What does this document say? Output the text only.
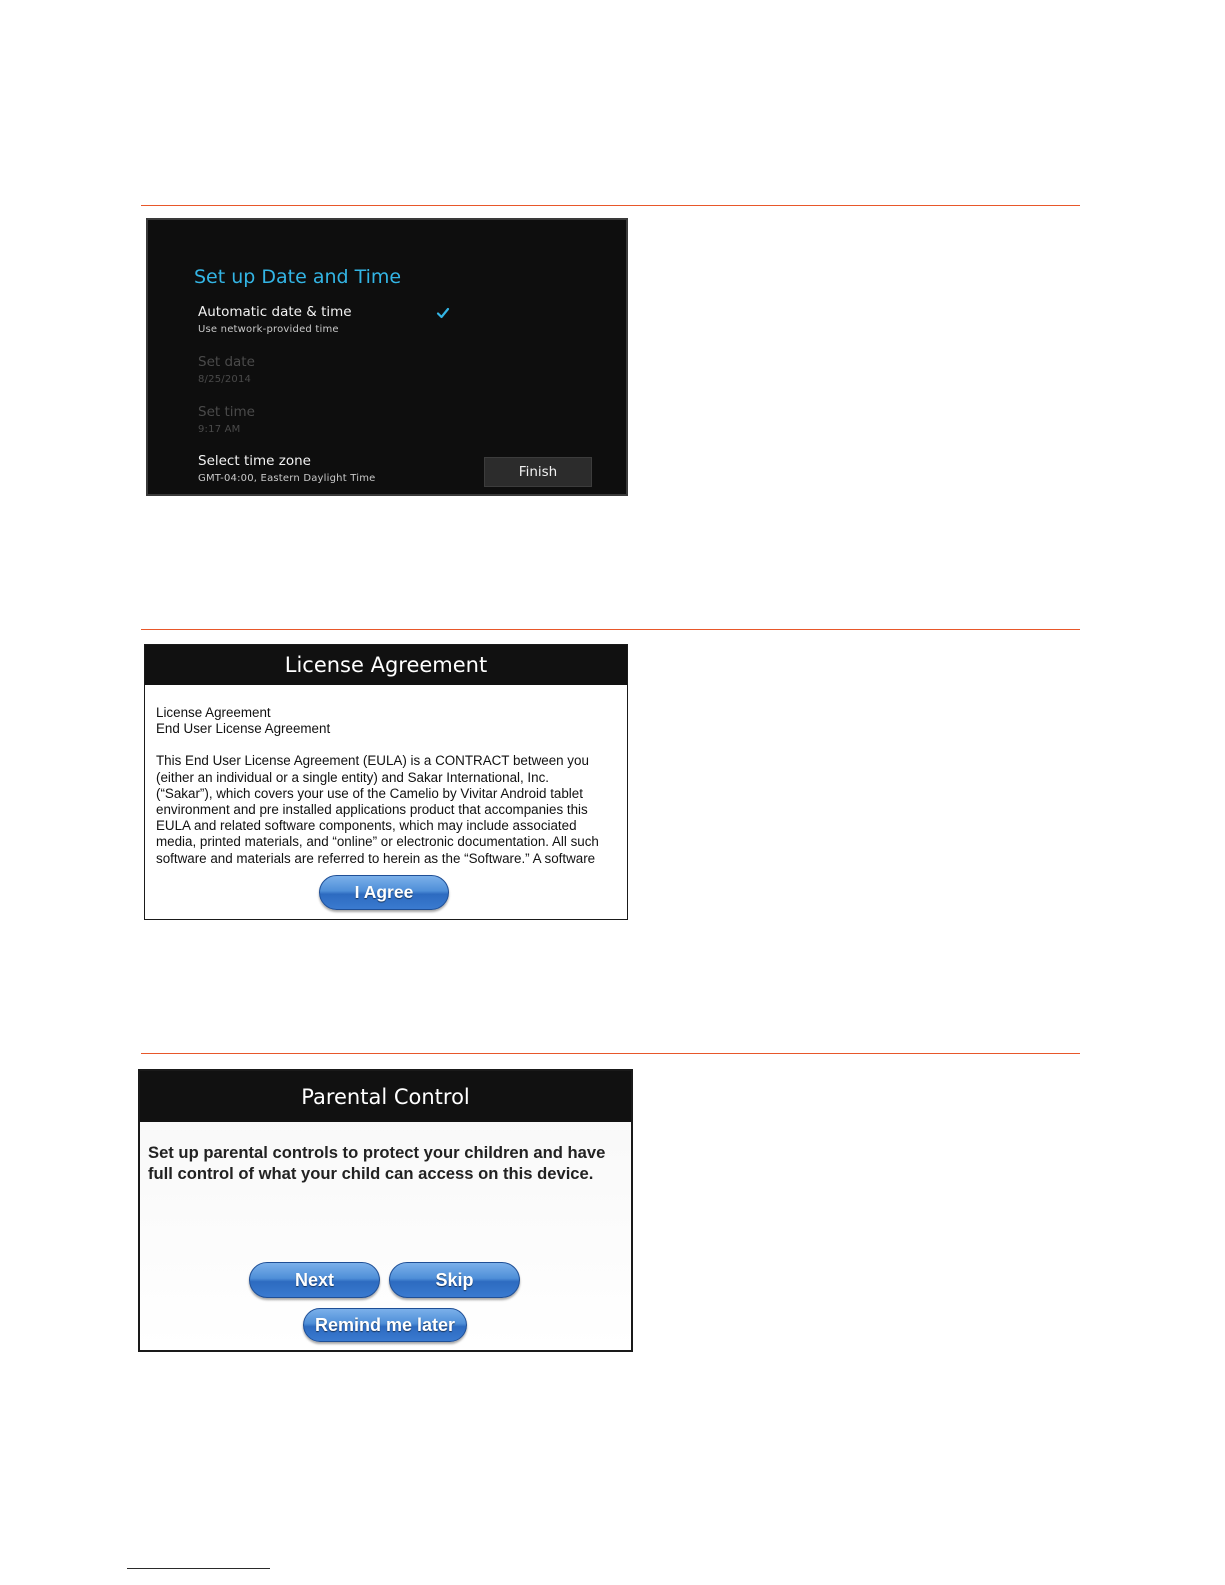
Set up Date and Time
Automatic date & time
Use network-provided time
Set date
8/25/2014
Set time
9:17 AM
Select time zone
GMT-04:00, Eastern Daylight Time	Finish
License Agreement

License Agreement

End User License Agreement

This End User License Agreement (EULA) is a CONTRACT between you

(either an individual or a single entity) and Sakar International, Inc.

(“Sakar”), which covers your use of the Camelio by Vivitar Android tablet

environment and pre installed applications product that accompanies this

EULA and related software components, which may include associated

media, printed materials, and “online” or electronic documentation. All such

software and materials are referred to herein as the “Software.” A software

I Agree
Parental Control
Set up parental controls to protect your children and have
full control of what your child can access on this device.
Next	Skip
Remind me later
